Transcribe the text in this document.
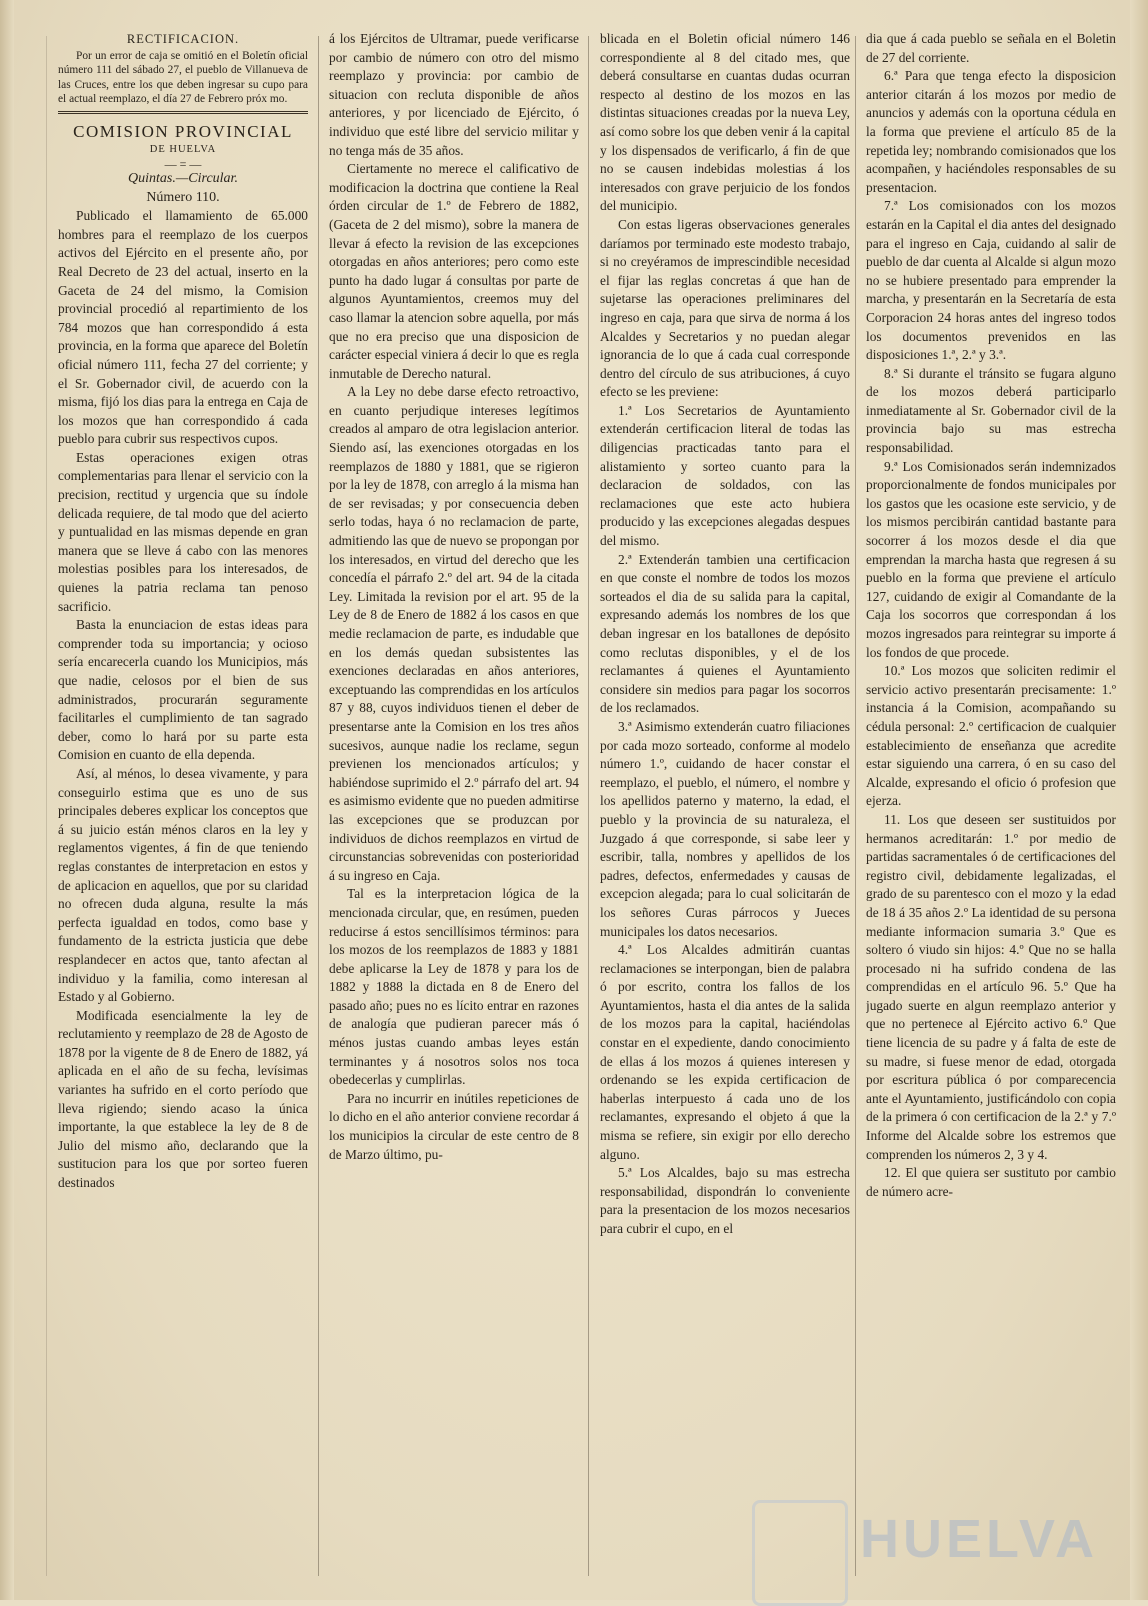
RECTIFICACION.

Por un error de caja se omitió en el Boletín oficial número 111 del sábado 27, el pueblo de Villanueva de las Cruces, entre los que deben ingresar su cupo para el actual reemplazo, el día 27 de Febrero próx mo.

COMISION PROVINCIAL

DE HUELVA

— = —

Quintas.—Circular.

Número 110.

Publicado el llamamiento de 65.000 hombres para el reemplazo de los cuerpos activos del Ejército en el presente año, por Real Decreto de 23 del actual, inserto en la Gaceta de 24 del mismo, la Comision provincial procedió al repartimiento de los 784 mozos que han correspondido á esta provincia, en la forma que aparece del Boletín oficial número 111, fecha 27 del corriente; y el Sr. Gobernador civil, de acuerdo con la misma, fijó los dias para la entrega en Caja de los mozos que han correspondido á cada pueblo para cubrir sus respectivos cupos.

Estas operaciones exigen otras complementarias para llenar el servicio con la precision, rectitud y urgencia que su índole delicada requiere, de tal modo que del acierto y puntualidad en las mismas depende en gran manera que se lleve á cabo con las menores molestias posibles para los interesados, de quienes la patria reclama tan penoso sacrificio.

Basta la enunciacion de estas ideas para comprender toda su importancia; y ocioso sería encarecerla cuando los Municipios, más que nadie, celosos por el bien de sus administrados, procurarán seguramente facilitarles el cumplimiento de tan sagrado deber, como lo hará por su parte esta Comision en cuanto de ella dependa.

Así, al ménos, lo desea vivamente, y para conseguirlo estima que es uno de sus principales deberes explicar los conceptos que á su juicio están ménos claros en la ley y reglamentos vigentes, á fin de que teniendo reglas constantes de interpretacion en estos y de aplicacion en aquellos, que por su claridad no ofrecen duda alguna, resulte la más perfecta igualdad en todos, como base y fundamento de la estricta justicia que debe resplandecer en actos que, tanto afectan al individuo y la familia, como interesan al Estado y al Gobierno.

Modificada esencialmente la ley de reclutamiento y reemplazo de 28 de Agosto de 1878 por la vigente de 8 de Enero de 1882, yá aplicada en el año de su fecha, levísimas variantes ha sufrido en el corto período que lleva rigiendo; siendo acaso la única importante, la que establece la ley de 8 de Julio del mismo año, declarando que la sustitucion para los que por sorteo fueren destinados

á los Ejércitos de Ultramar, puede verificarse por cambio de número con otro del mismo reemplazo y provincia: por cambio de situacion con recluta disponible de años anteriores, y por licenciado de Ejército, ó individuo que esté libre del servicio militar y no tenga más de 35 años.

Ciertamente no merece el calificativo de modificacion la doctrina que contiene la Real órden circular de 1.º de Febrero de 1882, (Gaceta de 2 del mismo), sobre la manera de llevar á efecto la revision de las excepciones otorgadas en años anteriores; pero como este punto ha dado lugar á consultas por parte de algunos Ayuntamientos, creemos muy del caso llamar la atencion sobre aquella, por más que no era preciso que una disposicion de carácter especial viniera á decir lo que es regla inmutable de Derecho natural.

A la Ley no debe darse efecto retroactivo, en cuanto perjudique intereses legítimos creados al amparo de otra legislacion anterior. Siendo así, las exenciones otorgadas en los reemplazos de 1880 y 1881, que se rigieron por la ley de 1878, con arreglo á la misma han de ser revisadas; y por consecuencia deben serlo todas, haya ó no reclamacion de parte, admitiendo las que de nuevo se propongan por los interesados, en virtud del derecho que les concedía el párrafo 2.º del art. 94 de la citada Ley. Limitada la revision por el art. 95 de la Ley de 8 de Enero de 1882 á los casos en que medie reclamacion de parte, es indudable que en los demás quedan subsistentes las exenciones declaradas en años anteriores, exceptuando las comprendidas en los artículos 87 y 88, cuyos individuos tienen el deber de presentarse ante la Comision en los tres años sucesivos, aunque nadie los reclame, segun previenen los mencionados artículos; y habiéndose suprimido el 2.º párrafo del art. 94 es asimismo evidente que no pueden admitirse las excepciones que se produzcan por individuos de dichos reemplazos en virtud de circunstancias sobrevenidas con posterioridad á su ingreso en Caja.

Tal es la interpretacion lógica de la mencionada circular, que, en resúmen, pueden reducirse á estos sencillísimos términos: para los mozos de los reemplazos de 1883 y 1881 debe aplicarse la Ley de 1878 y para los de 1882 y 1888 la dictada en 8 de Enero del pasado año; pues no es lícito entrar en razones de analogía que pudieran parecer más ó ménos justas cuando ambas leyes están terminantes y á nosotros solos nos toca obedecerlas y cumplirlas.

Para no incurrir en inútiles repeticiones de lo dicho en el año anterior conviene recordar á los municipios la circular de este centro de 8 de Marzo último, pu-

blicada en el Boletin oficial número 146 correspondiente al 8 del citado mes, que deberá consultarse en cuantas dudas ocurran respecto al destino de los mozos en las distintas situaciones creadas por la nueva Ley, así como sobre los que deben venir á la capital y los dispensados de verificarlo, á fin de que no se causen indebidas molestias á los interesados con grave perjuicio de los fondos del municipio.

Con estas ligeras observaciones generales daríamos por terminado este modesto trabajo, si no creyéramos de imprescindible necesidad el fijar las reglas concretas á que han de sujetarse las operaciones preliminares del ingreso en caja, para que sirva de norma á los Alcaldes y Secretarios y no puedan alegar ignorancia de lo que á cada cual corresponde dentro del círculo de sus atribuciones, á cuyo efecto se les previene:

1.ª Los Secretarios de Ayuntamiento extenderán certificacion literal de todas las diligencias practicadas tanto para el alistamiento y sorteo cuanto para la declaracion de soldados, con las reclamaciones que este acto hubiera producido y las excepciones alegadas despues del mismo.

2.ª Extenderán tambien una certificacion en que conste el nombre de todos los mozos sorteados el dia de su salida para la capital, expresando además los nombres de los que deban ingresar en los batallones de depósito como reclutas disponibles, y el de los reclamantes á quienes el Ayuntamiento considere sin medios para pagar los socorros de los reclamados.

3.ª Asimismo extenderán cuatro filiaciones por cada mozo sorteado, conforme al modelo número 1.º, cuidando de hacer constar el reemplazo, el pueblo, el número, el nombre y los apellidos paterno y materno, la edad, el pueblo y la provincia de su naturaleza, el Juzgado á que corresponde, si sabe leer y escribir, talla, nombres y apellidos de los padres, defectos, enfermedades y causas de excepcion alegada; para lo cual solicitarán de los señores Curas párrocos y Jueces municipales los datos necesarios.

4.ª Los Alcaldes admitirán cuantas reclamaciones se interpongan, bien de palabra ó por escrito, contra los fallos de los Ayuntamientos, hasta el dia antes de la salida de los mozos para la capital, haciéndolas constar en el expediente, dando conocimiento de ellas á los mozos á quienes interesen y ordenando se les expida certificacion de haberlas interpuesto á cada uno de los reclamantes, expresando el objeto á que la misma se refiere, sin exigir por ello derecho alguno.

5.ª Los Alcaldes, bajo su mas estrecha responsabilidad, dispondrán lo conveniente para la presentacion de los mozos necesarios para cubrir el cupo, en el

dia que á cada pueblo se señala en el Boletin de 27 del corriente.

6.ª Para que tenga efecto la disposicion anterior citarán á los mozos por medio de anuncios y además con la oportuna cédula en la forma que previene el artículo 85 de la repetida ley; nombrando comisionados que los acompañen, y haciéndoles responsables de su presentacion.

7.ª Los comisionados con los mozos estarán en la Capital el dia antes del designado para el ingreso en Caja, cuidando al salir de pueblo de dar cuenta al Alcalde si algun mozo no se hubiere presentado para emprender la marcha, y presentarán en la Secretaría de esta Corporacion 24 horas antes del ingreso todos los documentos prevenidos en las disposiciones 1.ª, 2.ª y 3.ª.

8.ª Si durante el tránsito se fugara alguno de los mozos deberá participarlo inmediatamente al Sr. Gobernador civil de la provincia bajo su mas estrecha responsabilidad.

9.ª Los Comisionados serán indemnizados proporcionalmente de fondos municipales por los gastos que les ocasione este servicio, y de los mismos percibirán cantidad bastante para socorrer á los mozos desde el dia que emprendan la marcha hasta que regresen á su pueblo en la forma que previene el artículo 127, cuidando de exigir al Comandante de la Caja los socorros que correspondan á los mozos ingresados para reintegrar su importe á los fondos de que procede.

10.ª Los mozos que soliciten redimir el servicio activo presentarán precisamente: 1.º instancia á la Comision, acompañando su cédula personal: 2.º certificacion de cualquier establecimiento de enseñanza que acredite estar siguiendo una carrera, ó en su caso del Alcalde, expresando el oficio ó profesion que ejerza.

11. Los que deseen ser sustituidos por hermanos acreditarán: 1.º por medio de partidas sacramentales ó de certificaciones del registro civil, debidamente legalizadas, el grado de su parentesco con el mozo y la edad de 18 á 35 años 2.º La identidad de su persona mediante informacion sumaria 3.º Que es soltero ó viudo sin hijos: 4.º Que no se halla procesado ni ha sufrido condena de las comprendidas en el artículo 96. 5.º Que ha jugado suerte en algun reemplazo anterior y que no pertenece al Ejército activo 6.º Que tiene licencia de su padre y á falta de este de su madre, si fuese menor de edad, otorgada por escritura pública ó por comparecencia ante el Ayuntamiento, justificándolo con copia de la primera ó con certificacion de la 2.ª y 7.º Informe del Alcalde sobre los estremos que comprenden los números 2, 3 y 4.

12. El que quiera ser sustituto por cambio de número acre-

HUELVA
